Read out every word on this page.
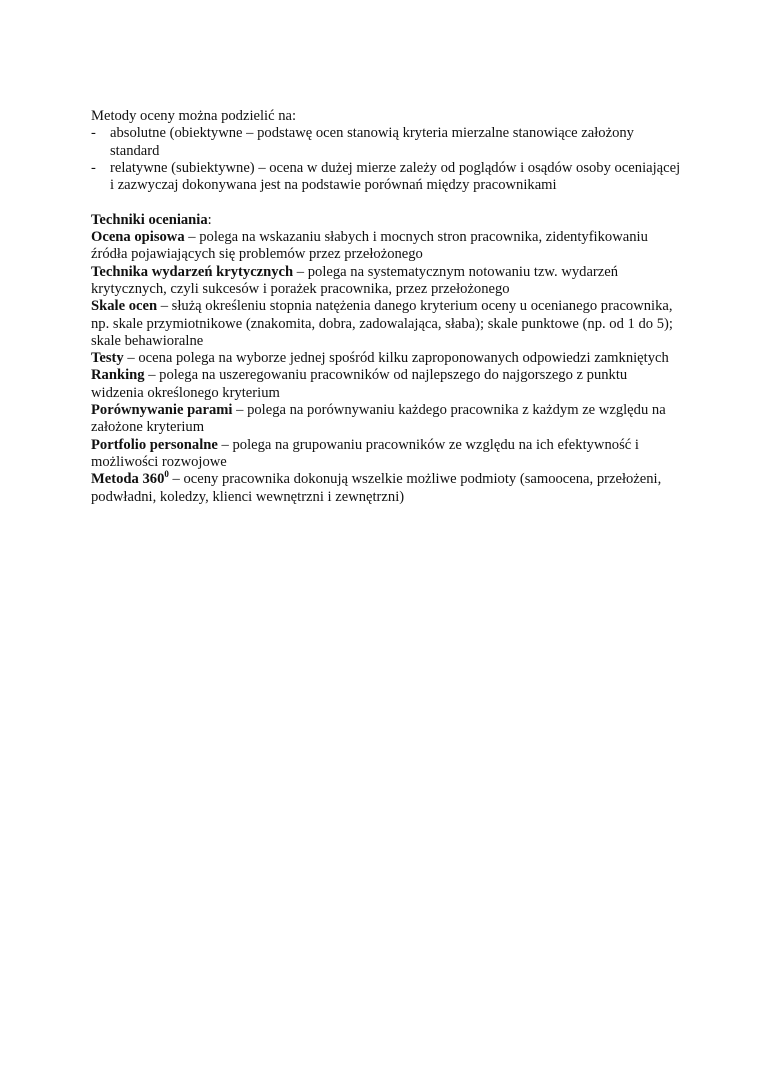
Metody oceny można podzielić na:

- absolutne (obiektywne – podstawę ocen stanowią kryteria mierzalne stanowiące założony standard
- relatywne (subiektywne) – ocena w dużej mierze zależy od poglądów i osądów osoby oceniającej i zazwyczaj dokonywana jest na podstawie porównań między pracownikami

Techniki oceniania:

Ocena opisowa – polega na wskazaniu słabych i mocnych stron pracownika, zidentyfikowaniu źródła pojawiających się problemów przez przełożonego

Technika wydarzeń krytycznych – polega na systematycznym notowaniu tzw. wydarzeń krytycznych, czyli sukcesów i porażek pracownika, przez przełożonego

Skale ocen – służą określeniu stopnia natężenia danego kryterium oceny u ocenianego pracownika, np. skale przymiotnikowe (znakomita, dobra, zadowalająca, słaba); skale punktowe (np. od 1 do 5); skale behawioralne

Testy – ocena polega na wyborze jednej spośród kilku zaproponowanych odpowiedzi zamkniętych

Ranking – polega na uszeregowaniu pracowników od najlepszego do najgorszego z punktu widzenia określonego kryterium

Porównywanie parami – polega na porównywaniu każdego pracownika z każdym ze względu na założone kryterium

Portfolio personalne – polega na grupowaniu pracowników ze względu na ich efektywność i możliwości rozwojowe

Metoda $360^0$ – oceny pracownika dokonują wszelkie możliwe podmioty (samoocena, przełożeni, podwładni, koledzy, klienci wewnętrzni i zewnętrzni)
